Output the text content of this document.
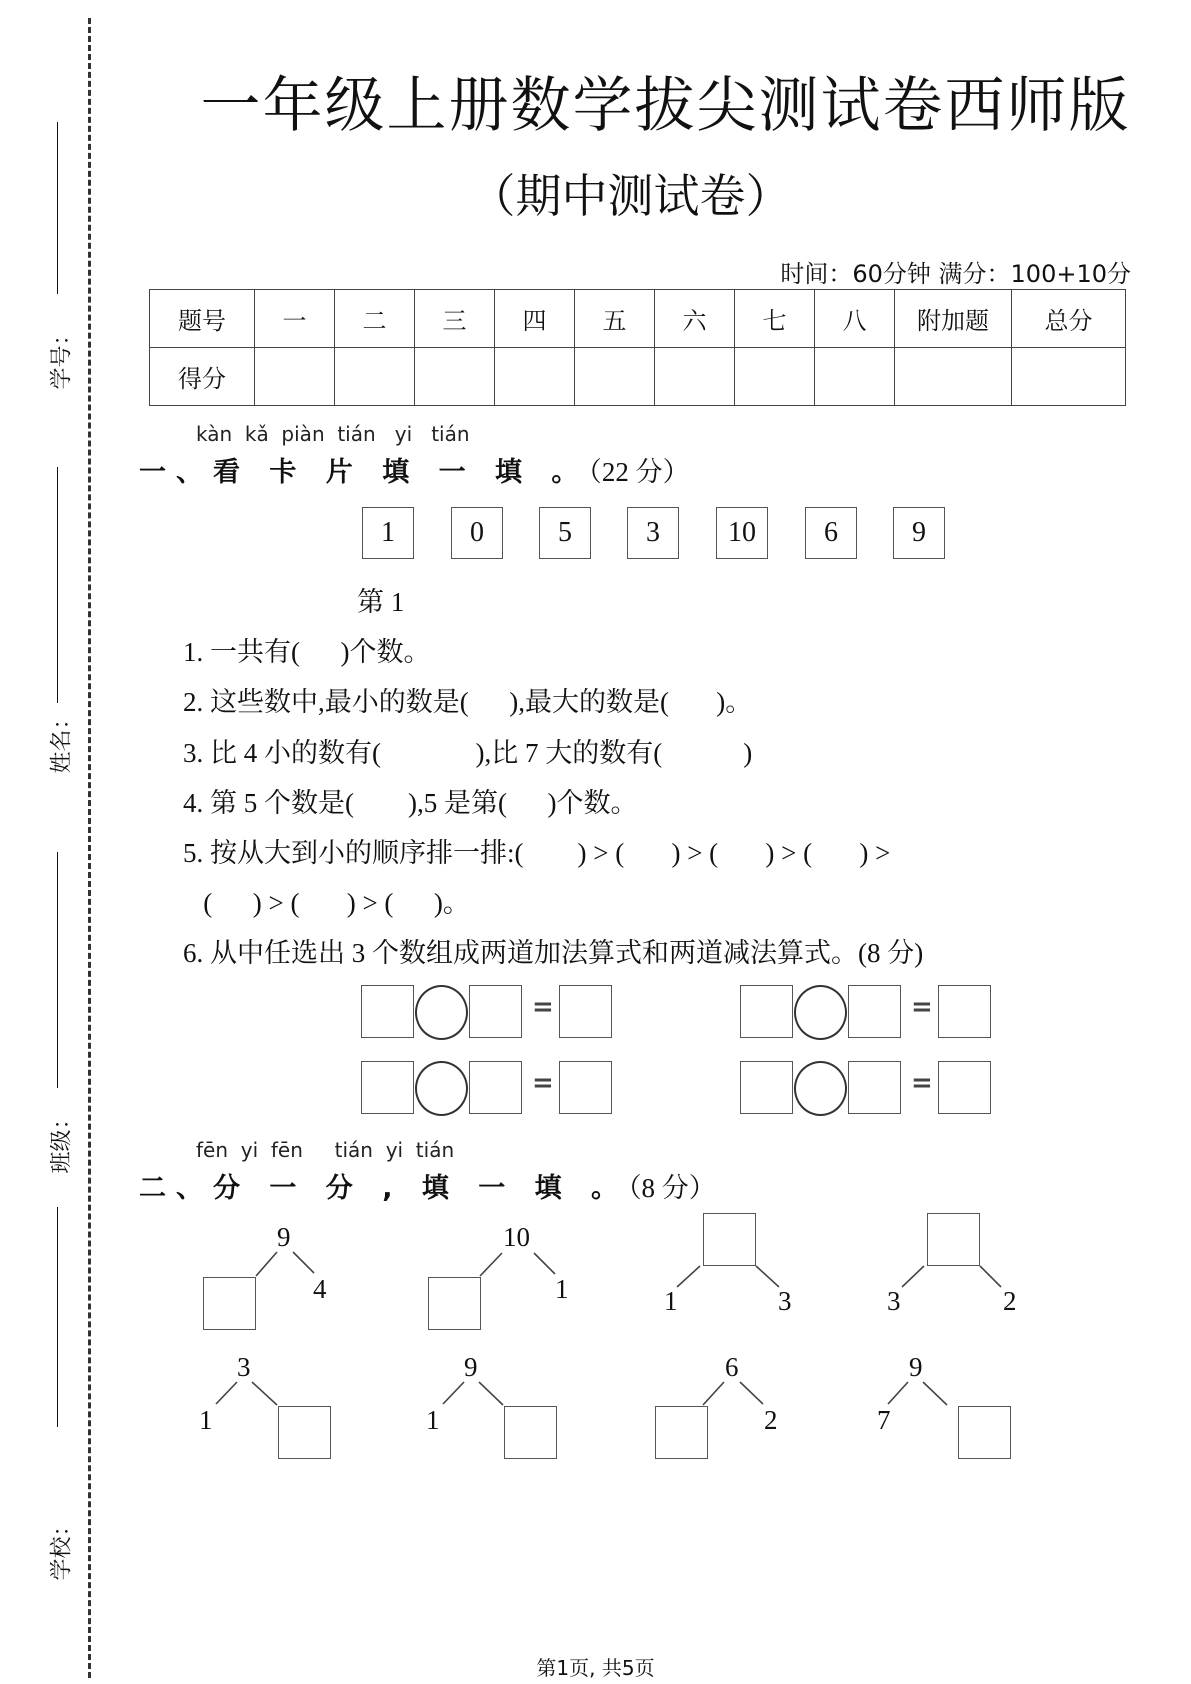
学号：
姓名：
班级：
学校：
一年级上册数学拔尖测试卷西师版
（期中测试卷）
时间：60分钟 满分：100+10分
题号	一	二	三	四	五	六	七	八	附加题	总分
得分										
kàn  kǎ  piàn  tián   yi   tián
一、看 卡 片 填 一 填 。（22 分）
1	0	5	3	10	6	9
第 1
1. 一共有(      )个数。
2. 这些数中,最小的数是(      ),最大的数是(       )。
3. 比 4 小的数有(              ),比 7 大的数有(            )
4. 第 5 个数是(        ),5 是第(      )个数。
5. 按从大到小的顺序排一排:(        ) > (       ) > (       ) > (       ) >
(      ) > (       ) > (      )。
6. 从中任选出 3 个数组成两道加法算式和两道减法算式。(8 分)
=	=
=	=
fēn  yi  fēn     tián  yi  tián
二、分 一 分 , 填 一 填 。（8 分）
9
4
10
1	1	3	3	2
3
1
9
1
6
2
9
7
第1页, 共5页
